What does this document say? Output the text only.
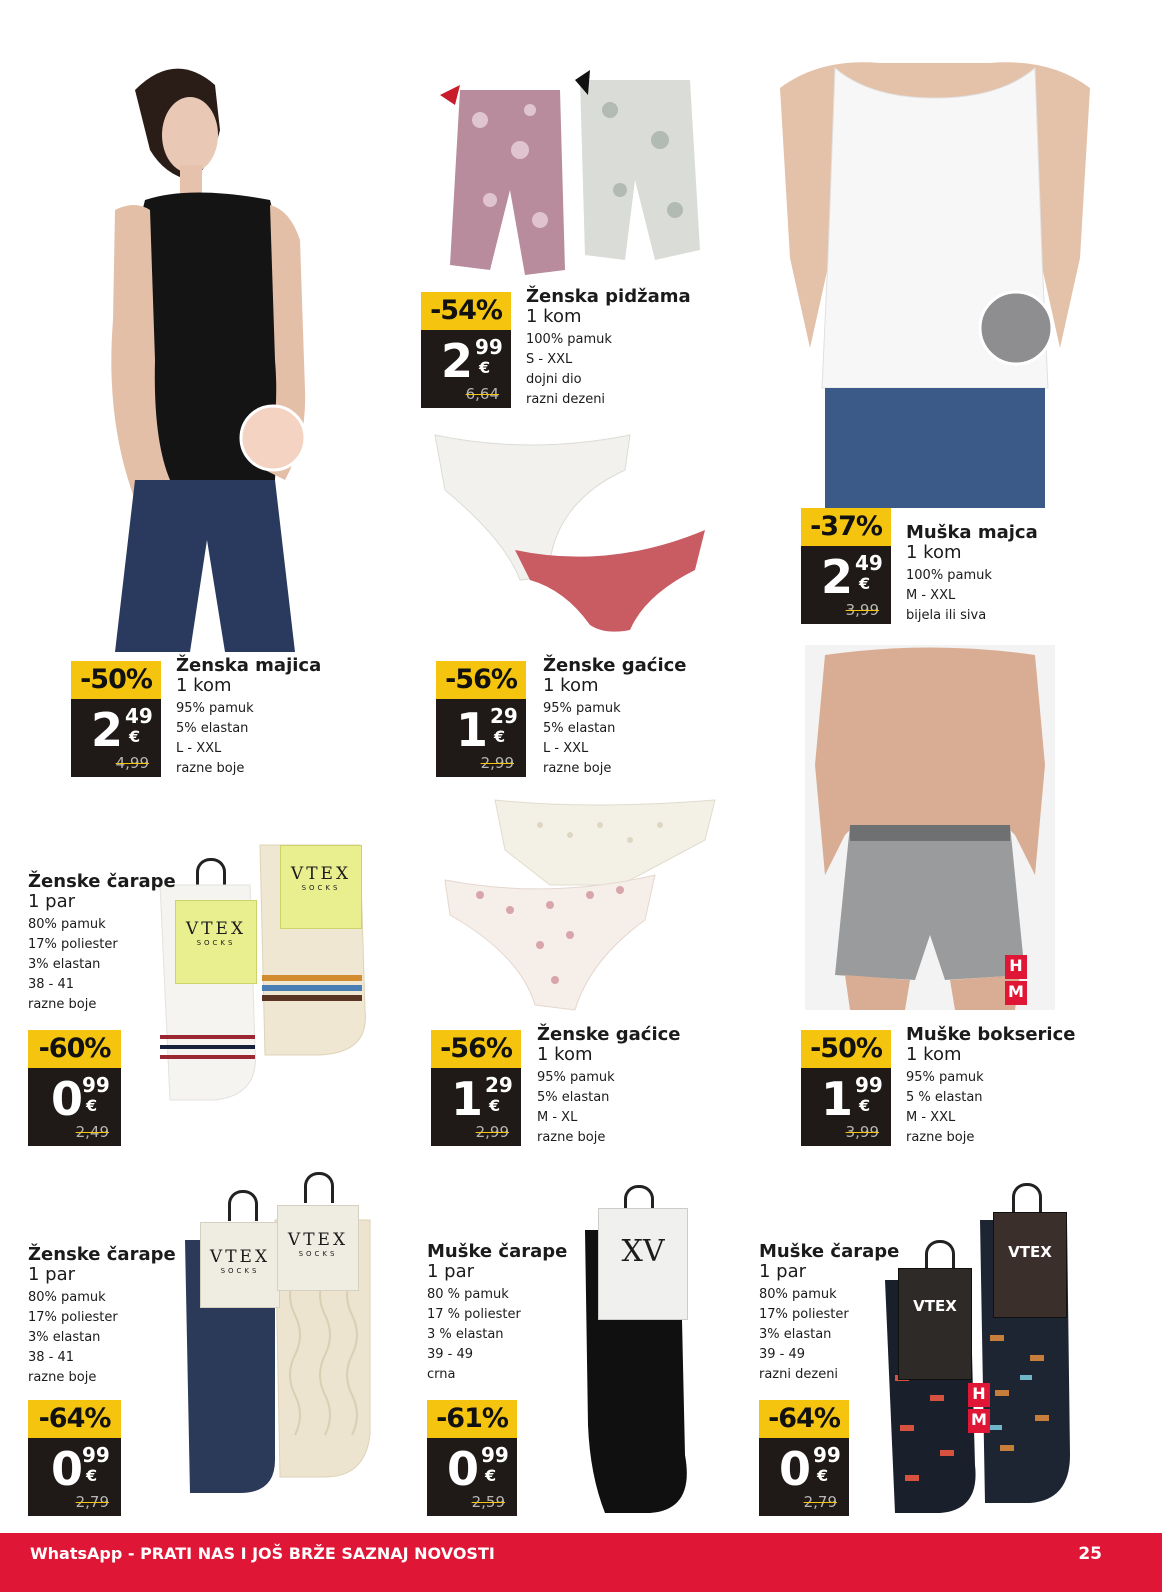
H
M
VTEX
SOCKS
VTEX
SOCKS
VTEX
SOCKS
VTEX
SOCKS	XV
VTEX
VTEX
H
M
-54%
2 99
€
6,64
Ženska pidžama
1 kom
100% pamuk
S - XXL
dojni dio
razni dezeni
-37%
2 49
€
3,99
Muška majca
1 kom
100% pamuk
M - XXL
bijela ili siva
-50%
2 49
€
4,99
Ženska majica
1 kom
95% pamuk
5% elastan
L - XXL
razne boje
-56%
1 29
€
2,99
Ženske gaćice
1 kom
95% pamuk
5% elastan
L - XXL
razne boje
Ženske čarape
1 par
80% pamuk
17% poliester
3% elastan
38 - 41
razne boje
-60%
0 99
€
2,49
-56%
1 29
€
2,99
Ženske gaćice
1 kom
95% pamuk
5% elastan
M - XL
razne boje
-50%
1 99
€
3,99
Muške bokserice
1 kom
95% pamuk
5 % elastan
M - XXL
razne boje
Ženske čarape
1 par
80% pamuk
17% poliester
3% elastan
38 - 41
razne boje
-64%
0 99
€
2,79
Muške čarape
1 par
80 % pamuk
17 % poliester
3 % elastan
39 - 49
crna
-61%
0 99
€
2,59
Muške čarape
1 par
80% pamuk
17% poliester
3% elastan
39 - 49
razni dezeni
-64%
0 99
€
2,79
WhatsApp - PRATI NAS I JOŠ BRŽE SAZNAJ NOVOSTI	25
